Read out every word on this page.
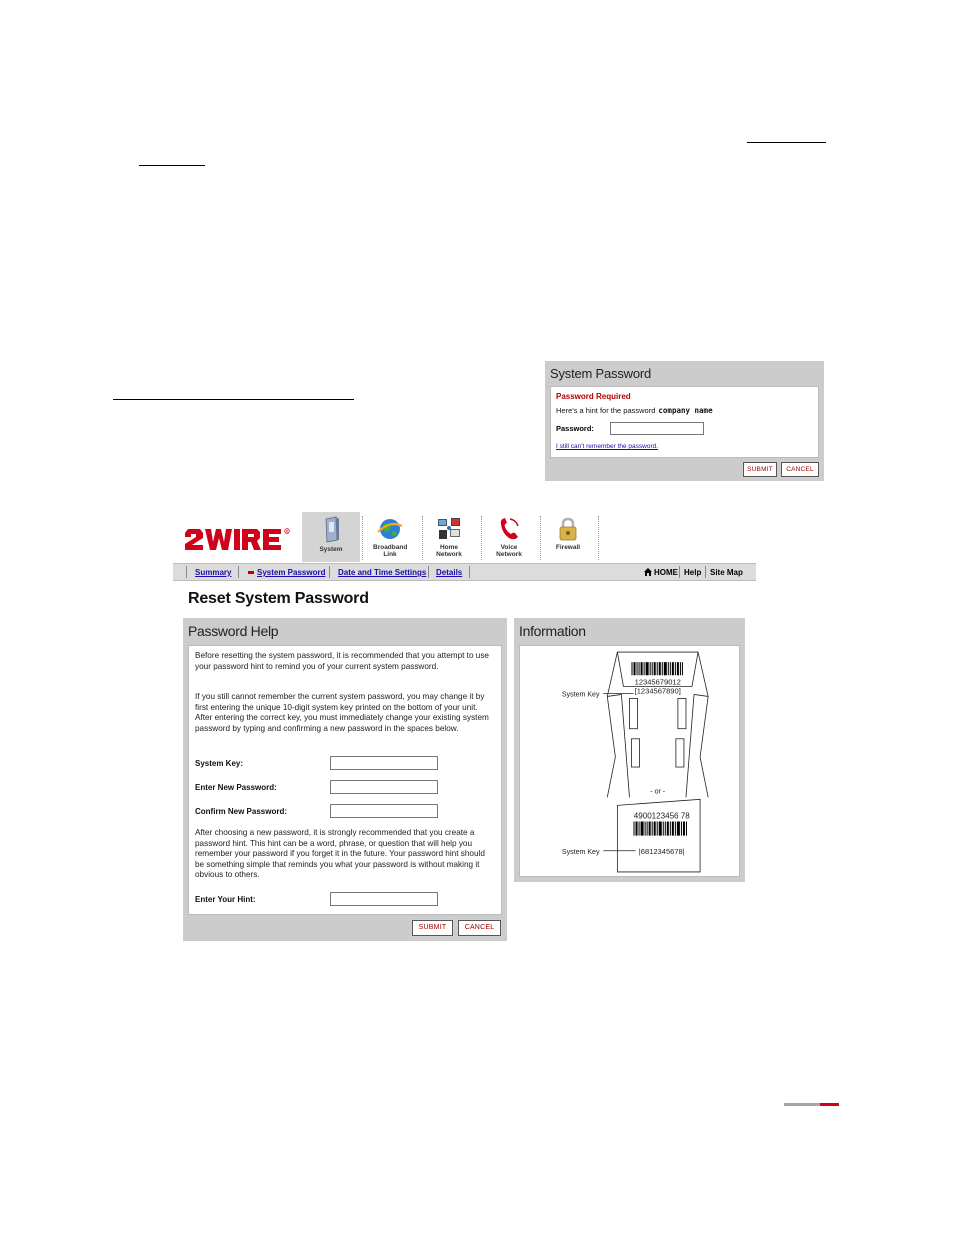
System Password
Password Required
Here's a hint for the password company name
Password:
I still can't remember the password.
SUBMIT	CANCEL
R
System	Broadband Link
Home Network
Voice Network
Firewall
Summary	System Password Date and Time Settings Details	HOME Help Site Map
Reset System Password
Password Help
Before resetting the system password, it is recommended that you attempt to use your password hint to remind you of your current system password.
If you still cannot remember the current system password, you may change it by first entering the unique 10-digit system key printed on the bottom of your unit. After entering the correct key, you must immediately change your existing system password by typing and confirming a new password in the spaces below.
System Key:
Enter New Password:
Confirm New Password:
After choosing a new password, it is strongly recommended that you create a password hint. This hint can be a word, phrase, or question that will help you remember your password if you forget it in the future. Your password hint should be something simple that reminds you what your password is without making it obvious to others.
Enter Your Hint:
SUBMIT	CANCEL
Information
12345679012
[1234567890]
System Key
- or -
4900123456 78
|6812345678|
System Key
